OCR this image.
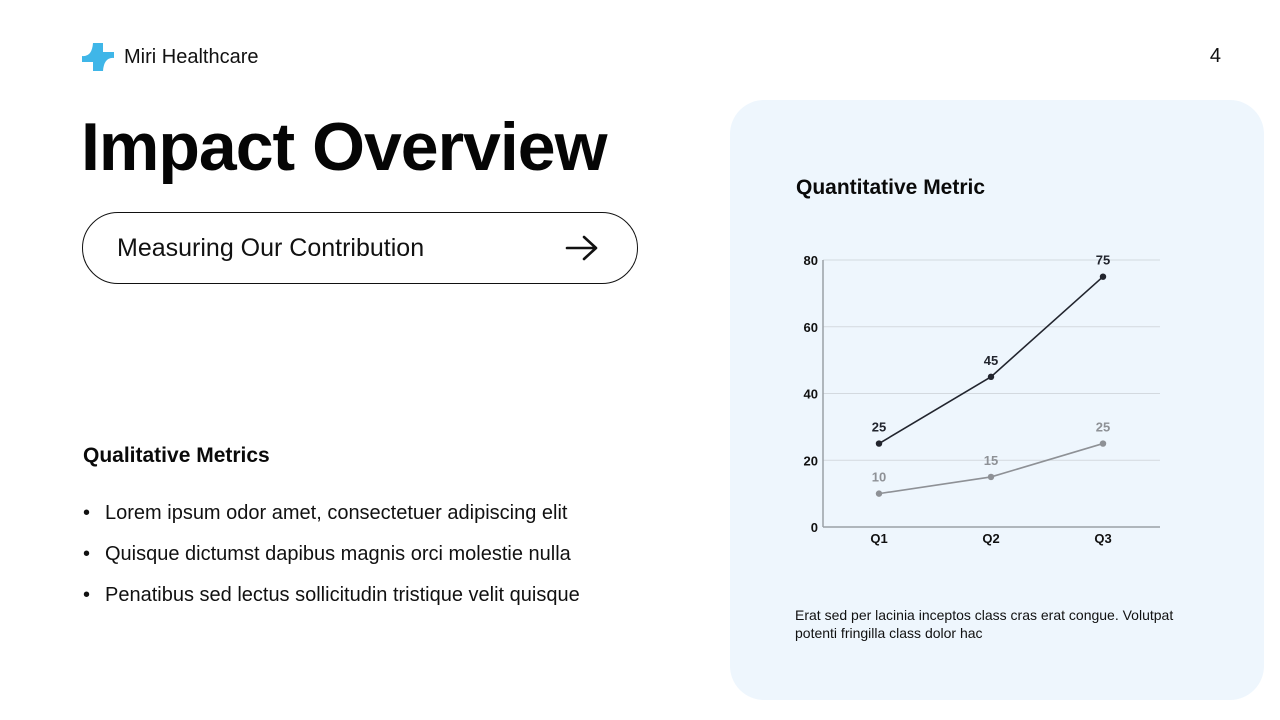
Miri Healthcare	4
Impact Overview
Measuring Our Contribution
Qualitative Metrics
• Lorem ipsum odor amet, consectetuer adipiscing elit
• Quisque dictumst dapibus magnis orci molestie nulla
• Penatibus sed lectus sollicitudin tristique velit quisque
Quantitative Metric
0
20
40
60
80
Q1	Q2	Q3
25
45
75
10
15
25

Erat sed per lacinia inceptos class cras erat congue. Volutpat potenti fringilla class dolor hac
